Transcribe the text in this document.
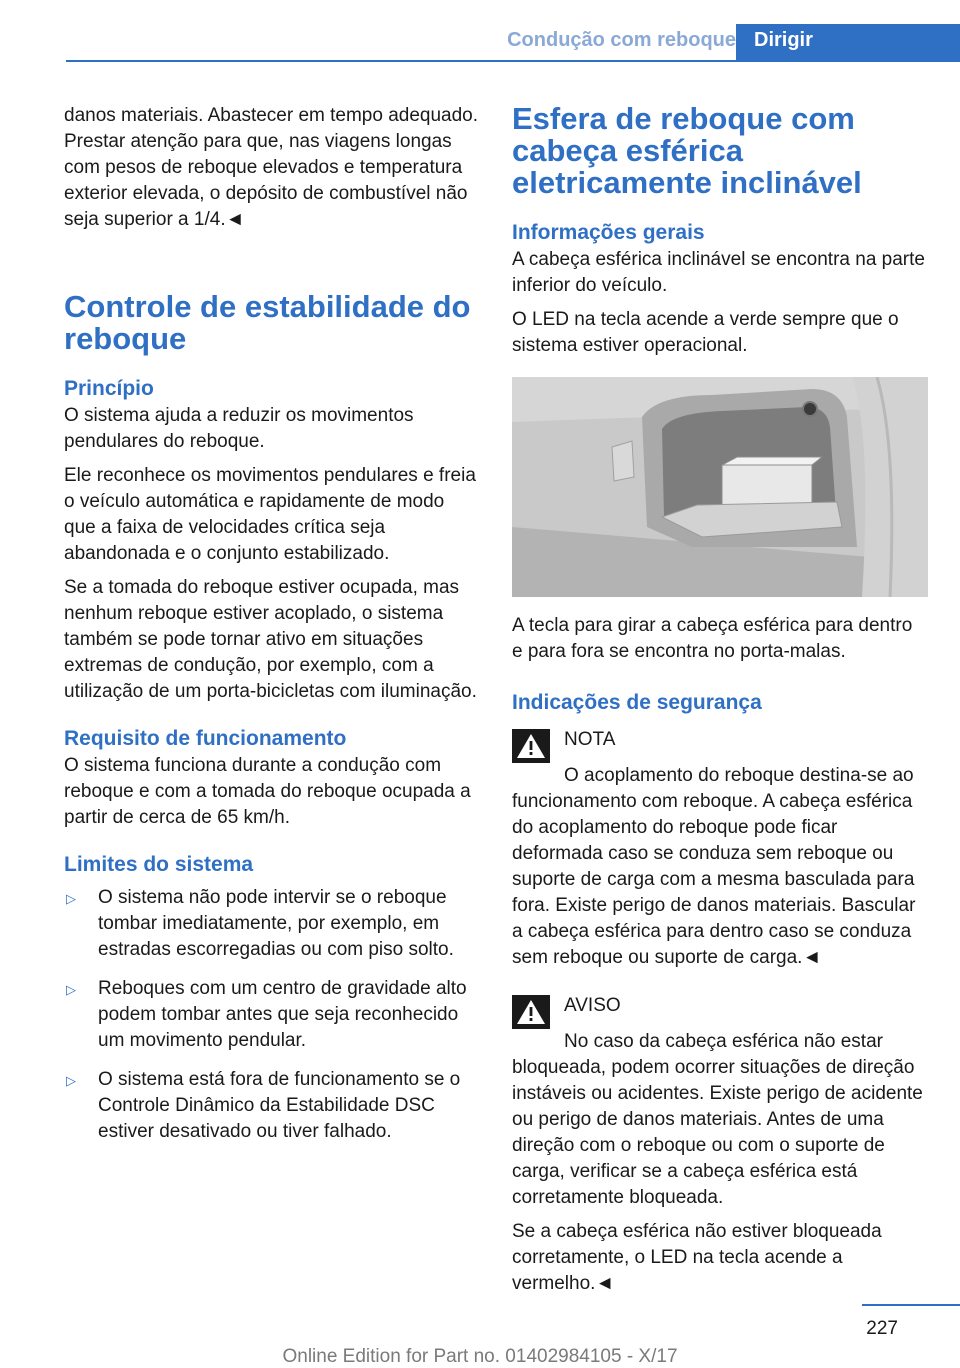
Condução com reboque Dirigir

danos materiais. Abastecer em tempo adequado. Prestar atenção para que, nas viagens longas com pesos de reboque elevados e temperatura exterior elevada, o depósito de combustível não seja superior a 1/4.◄

Controle de estabilidade do reboque
Princípio

O sistema ajuda a reduzir os movimentos pendulares do reboque.

Ele reconhece os movimentos pendulares e freia o veículo automática e rapidamente de modo que a faixa de velocidades crítica seja abandonada e o conjunto estabilizado.

Se a tomada do reboque estiver ocupada, mas nenhum reboque estiver acoplado, o sistema também se pode tornar ativo em situações extremas de condução, por exemplo, com a utilização de um porta-bicicletas com iluminação.

Requisito de funcionamento

O sistema funciona durante a condução com reboque e com a tomada do reboque ocupada a partir de cerca de 65 km/h.

Limites do sistema
▷ O sistema não pode intervir se o reboque tombar imediatamente, por exemplo, em estradas escorregadias ou com piso solto.
▷ Reboques com um centro de gravidade alto podem tombar antes que seja reconhecido um movimento pendular.
▷ O sistema está fora de funcionamento se o Controle Dinâmico da Estabilidade DSC estiver desativado ou tiver falhado.
Esfera de reboque com cabeça esférica eletricamente inclinável
Informações gerais

A cabeça esférica inclinável se encontra na parte inferior do veículo.

O LED na tecla acende a verde sempre que o sistema estiver operacional.

A tecla para girar a cabeça esférica para dentro e para fora se encontra no porta-malas.

Indicações de segurança

NOTA

O acoplamento do reboque destina-se ao funcionamento com reboque. A cabeça esférica do acoplamento do reboque pode ficar deformada caso se conduza sem reboque ou suporte de carga com a mesma basculada para fora. Existe perigo de danos materiais. Bascular a cabeça esférica para dentro caso se conduza sem reboque ou suporte de carga.◄

AVISO

No caso da cabeça esférica não estar bloqueada, podem ocorrer situações de direção instáveis ou acidentes. Existe perigo de acidente ou perigo de danos materiais. Antes de uma direção com o reboque ou com o suporte de carga, verificar se a cabeça esférica está corretamente bloqueada.

Se a cabeça esférica não estiver bloqueada corretamente, o LED na tecla acende a vermelho.◄

227
Online Edition for Part no. 01402984105 - X/17
